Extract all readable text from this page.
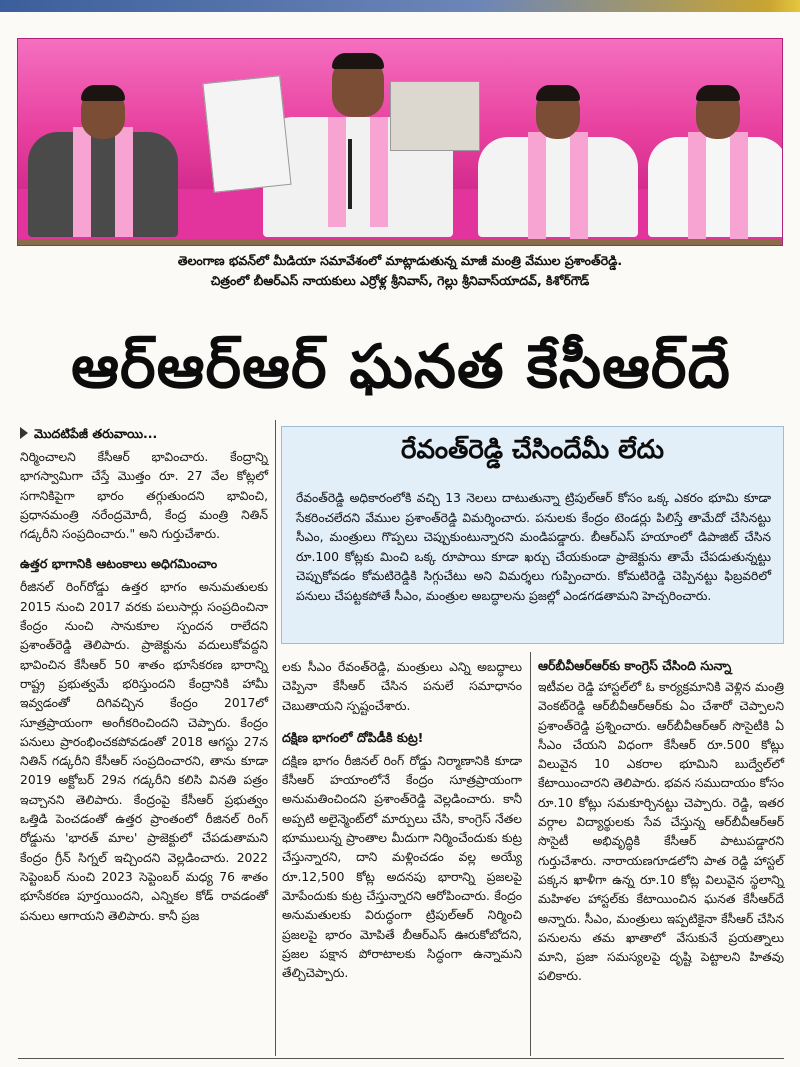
తెలంగాణ భవన్‌లో మీడియా సమావేశంలో మాట్లాడుతున్న మాజీ మంత్రి వేముల ప్రశాంత్‌రెడ్డి.
చిత్రంలో బీఆర్‌ఎస్ నాయకులు ఎర్రోళ్ల శ్రీనివాస్, గెల్లు శ్రీనివాస్‌యాదవ్, కిశోర్‌గౌడ్
ఆర్‌ఆర్‌ఆర్ ఘనత కేసీఆర్‌దే
మొదటిపేజీ తరువాయి...

నిర్మించాలని కేసీఆర్ భావించారు. కేంద్రాన్ని భాగస్వామిగా చేస్తే మొత్తం రూ. 27 వేల కోట్లలో సగానికిపైగా భారం తగ్గుతుందని భావించి, ప్రధానమంత్రి నరేంద్రమోదీ, కేంద్ర మంత్రి నితిన్ గడ్కరీని సంప్రదించారు." అని గుర్తుచేశారు.

ఉత్తర భాగానికి ఆటంకాలు అధిగమించాం

రీజినల్ రింగ్‌రోడ్డు ఉత్తర భాగం అనుమతులకు 2015 నుంచి 2017 వరకు పలుసార్లు సంప్రదించినా కేంద్రం నుంచి సానుకూల స్పందన రాలేదని ప్రశాంత్‌రెడ్డి తెలిపారు. ప్రాజెక్టును వదులుకోవద్దని భావించిన కేసీఆర్ 50 శాతం భూసేకరణ భారాన్ని రాష్ట్ర ప్రభుత్వమే భరిస్తుందని కేంద్రానికి హామీ ఇవ్వడంతో దిగివచ్చిన కేంద్రం 2017లో సూత్రప్రాయంగా అంగీకరించిందని చెప్పారు. కేంద్రం పనులు ప్రారంభించకపోవడంతో 2018 ఆగస్టు 27న నితిన్ గడ్కరీని కేసీఆర్ సంప్రదించారని, తాను కూడా 2019 అక్టోబర్ 29న గడ్కరీని కలిసి వినతి పత్రం ఇచ్చానని తెలిపారు. కేంద్రంపై కేసీఆర్ ప్రభుత్వం ఒత్తిడి పెంచడంతో ఉత్తర ప్రాంతంలో రీజినల్ రింగ్ రోడ్డును 'భారత్ మాల' ప్రాజెక్టులో చేపడుతామని కేంద్రం గ్రీన్ సిగ్నల్ ఇచ్చిందని వెల్లడించారు. 2022 సెప్టెంబర్ నుంచి 2023 సెప్టెంబర్ మధ్య 76 శాతం భూసేకరణ పూర్తయిందని, ఎన్నికల కోడ్ రావడంతో పనులు ఆగాయని తెలిపారు. కానీ ప్రజ

రేవంత్‌రెడ్డి చేసిందేమీ లేదు
రేవంత్‌రెడ్డి అధికారంలోకి వచ్చి 13 నెలలు దాటుతున్నా ట్రిపుల్‌ఆర్ కోసం ఒక్క ఎకరం భూమి కూడా సేకరించలేదని వేముల ప్రశాంత్‌రెడ్డి విమర్శించారు. పనులకు కేంద్రం టెండర్లు పిలిస్తే తామేదో చేసినట్టు సీఎం, మంత్రులు గొప్పలు చెప్పుకుంటున్నారని మండిపడ్డారు. బీఆర్‌ఎస్ హయాంలో డిపాజిట్ చేసిన రూ.100 కోట్లకు మించి ఒక్క రూపాయి కూడా ఖర్చు చేయకుండా ప్రాజెక్టును తామే చేపడుతున్నట్టు చెప్పుకోవడం కోమటిరెడ్డికి సిగ్గుచేటు అని విమర్శలు గుప్పించారు. కోమటిరెడ్డి చెప్పినట్టు ఫిబ్రవరిలో పనులు చేపట్టకపోతే సీఎం, మంత్రుల అబద్ధాలను ప్రజల్లో ఎండగడతామని హెచ్చరించారు.

లకు సీఎం రేవంత్‌రెడ్డి, మంత్రులు ఎన్ని అబద్ధాలు చెప్పినా కేసీఆర్ చేసిన పనులే సమాధానం చెబుతాయని స్పష్టంచేశారు.

దక్షిణ భాగంలో దోపిడీకి కుట్ర!

దక్షిణ భాగం రీజినల్ రింగ్ రోడ్డు నిర్మాణానికి కూడా కేసీఆర్ హయాంలోనే కేంద్రం సూత్రప్రాయంగా అనుమతించిందని ప్రశాంత్‌రెడ్డి వెల్లడించారు. కానీ అప్పటి అలైన్మెంట్‌లో మార్పులు చేసి, కాంగ్రెస్ నేతల భూములున్న ప్రాంతాల మీదుగా నిర్మించేందుకు కుట్ర చేస్తున్నారని, దాని మళ్లించడం వల్ల అయ్యే రూ.12,500 కోట్ల అదనపు భారాన్ని ప్రజలపై మోపేందుకు కుట్ర చేస్తున్నారని ఆరోపించారు. కేంద్రం అనుమతులకు విరుద్ధంగా ట్రిపుల్‌ఆర్ నిర్మించి ప్రజలపై భారం మోపితే బీఆర్‌ఎస్ ఊరుకోబోదని, ప్రజల పక్షాన పోరాటాలకు సిద్ధంగా ఉన్నామని తేల్చిచెప్పారు.

ఆర్‌బీవీఆర్‌ఆర్‌కు కాంగ్రెస్ చేసింది సున్నా

ఇటీవల రెడ్డి హాస్టల్‌లో ఓ కార్యక్రమానికి వెళ్లిన మంత్రి వెంకట్‌రెడ్డి ఆర్‌బీవీఆర్‌ఆర్‌కు ఏం చేశారో చెప్పాలని ప్రశాంత్‌రెడ్డి ప్రశ్నించారు. ఆర్‌బీవీఆర్‌ఆర్ సొసైటీకి ఏ సీఎం చేయని విధంగా కేసీఆర్ రూ.500 కోట్లు విలువైన 10 ఎకరాల భూమిని బుద్వేల్‌లో కేటాయించారని తెలిపారు. భవన సముదాయం కోసం రూ.10 కోట్లు సమకూర్చినట్టు చెప్పారు. రెడ్డి, ఇతర వర్గాల విద్యార్థులకు సేవ చేస్తున్న ఆర్‌బీవీఆర్‌ఆర్ సొసైటీ అభివృద్ధికి కేసీఆర్ పాటుపడ్డారని గుర్తుచేశారు. నారాయణగూడలోని పాత రెడ్డి హాస్టల్ పక్కన ఖాళీగా ఉన్న రూ.10 కోట్ల విలువైన స్థలాన్ని మహిళల హాస్టల్‌కు కేటాయించిన ఘనత కేసీఆర్‌దే అన్నారు. సీఎం, మంత్రులు ఇప్పటికైనా కేసీఆర్ చేసిన పనులను తమ ఖాతాలో వేసుకునే ప్రయత్నాలు మాని, ప్రజా సమస్యలపై దృష్టి పెట్టాలని హితవు పలికారు.
